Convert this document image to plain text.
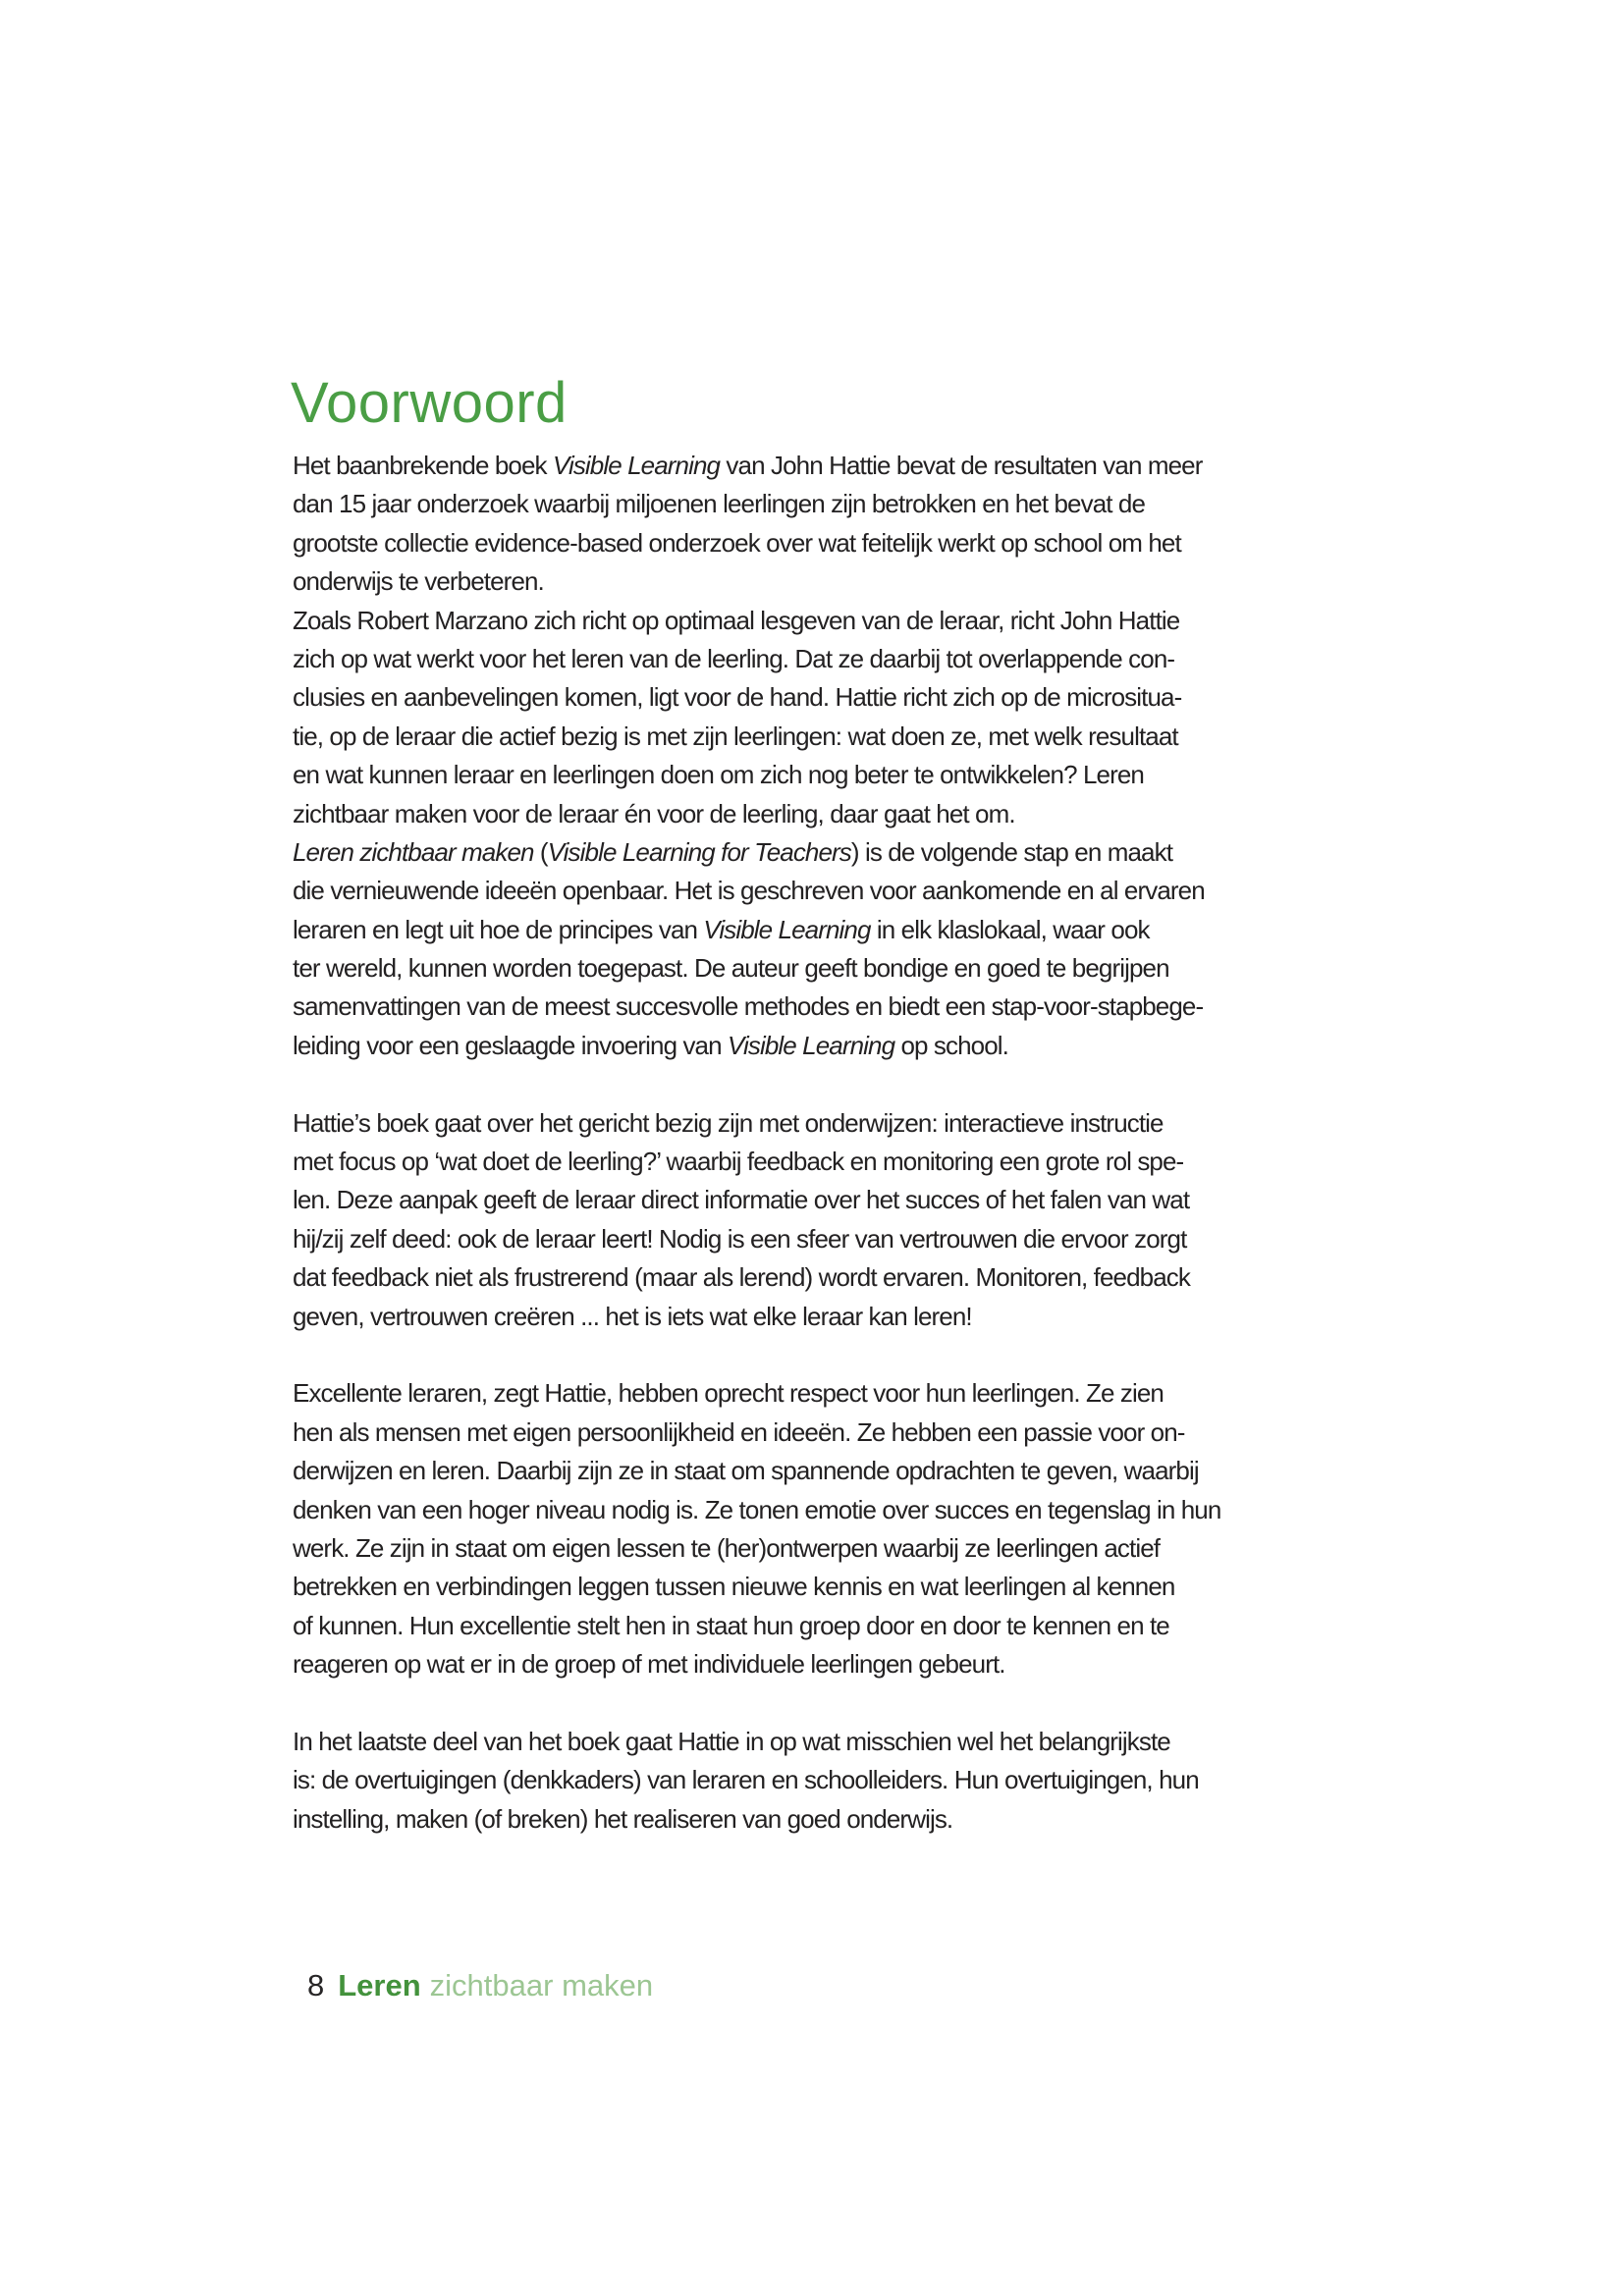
Voorwoord
Het baanbrekende boek Visible Learning van John Hattie bevat de resultaten van meer
dan 15 jaar onderzoek waarbij miljoenen leerlingen zijn betrokken en het bevat de
grootste collectie evidence-based onderzoek over wat feitelijk werkt op school om het
onderwijs te verbeteren.
Zoals Robert Marzano zich richt op optimaal lesgeven van de leraar, richt John Hattie
zich op wat werkt voor het leren van de leerling. Dat ze daarbij tot overlappende con-
clusies en aanbevelingen komen, ligt voor de hand. Hattie richt zich op de micrositua-
tie, op de leraar die actief bezig is met zijn leerlingen: wat doen ze, met welk resultaat
en wat kunnen leraar en leerlingen doen om zich nog beter te ontwikkelen? Leren
zichtbaar maken voor de leraar én voor de leerling, daar gaat het om.
Leren zichtbaar maken (Visible Learning for Teachers) is de volgende stap en maakt
die vernieuwende ideeën openbaar. Het is geschreven voor aankomende en al ervaren
leraren en legt uit hoe de principes van Visible Learning in elk klaslokaal, waar ook
ter wereld, kunnen worden toegepast. De auteur geeft bondige en goed te begrijpen
samenvattingen van de meest succesvolle methodes en biedt een stap-voor-stapbege-
leiding voor een geslaagde invoering van Visible Learning op school.
Hattie’s boek gaat over het gericht bezig zijn met onderwijzen: interactieve instructie
met focus op ‘wat doet de leerling?’ waarbij feedback en monitoring een grote rol spe-
len. Deze aanpak geeft de leraar direct informatie over het succes of het falen van wat
hij/zij zelf deed: ook de leraar leert! Nodig is een sfeer van vertrouwen die ervoor zorgt
dat feedback niet als frustrerend (maar als lerend) wordt ervaren. Monitoren, feedback
geven, vertrouwen creëren ... het is iets wat elke leraar kan leren!
Excellente leraren, zegt Hattie, hebben oprecht respect voor hun leerlingen. Ze zien
hen als mensen met eigen persoonlijkheid en ideeën. Ze hebben een passie voor on-
derwijzen en leren. Daarbij zijn ze in staat om spannende opdrachten te geven, waarbij
denken van een hoger niveau nodig is. Ze tonen emotie over succes en tegenslag in hun
werk. Ze zijn in staat om eigen lessen te (her)ontwerpen waarbij ze leerlingen actief
betrekken en verbindingen leggen tussen nieuwe kennis en wat leerlingen al kennen
of kunnen. Hun excellentie stelt hen in staat hun groep door en door te kennen en te
reageren op wat er in de groep of met individuele leerlingen gebeurt.
In het laatste deel van het boek gaat Hattie in op wat misschien wel het belangrijkste
is: de overtuigingen (denkkaders) van leraren en schoolleiders. Hun overtuigingen, hun
instelling, maken (of breken) het realiseren van goed onderwijs.
8 Leren zichtbaar maken
